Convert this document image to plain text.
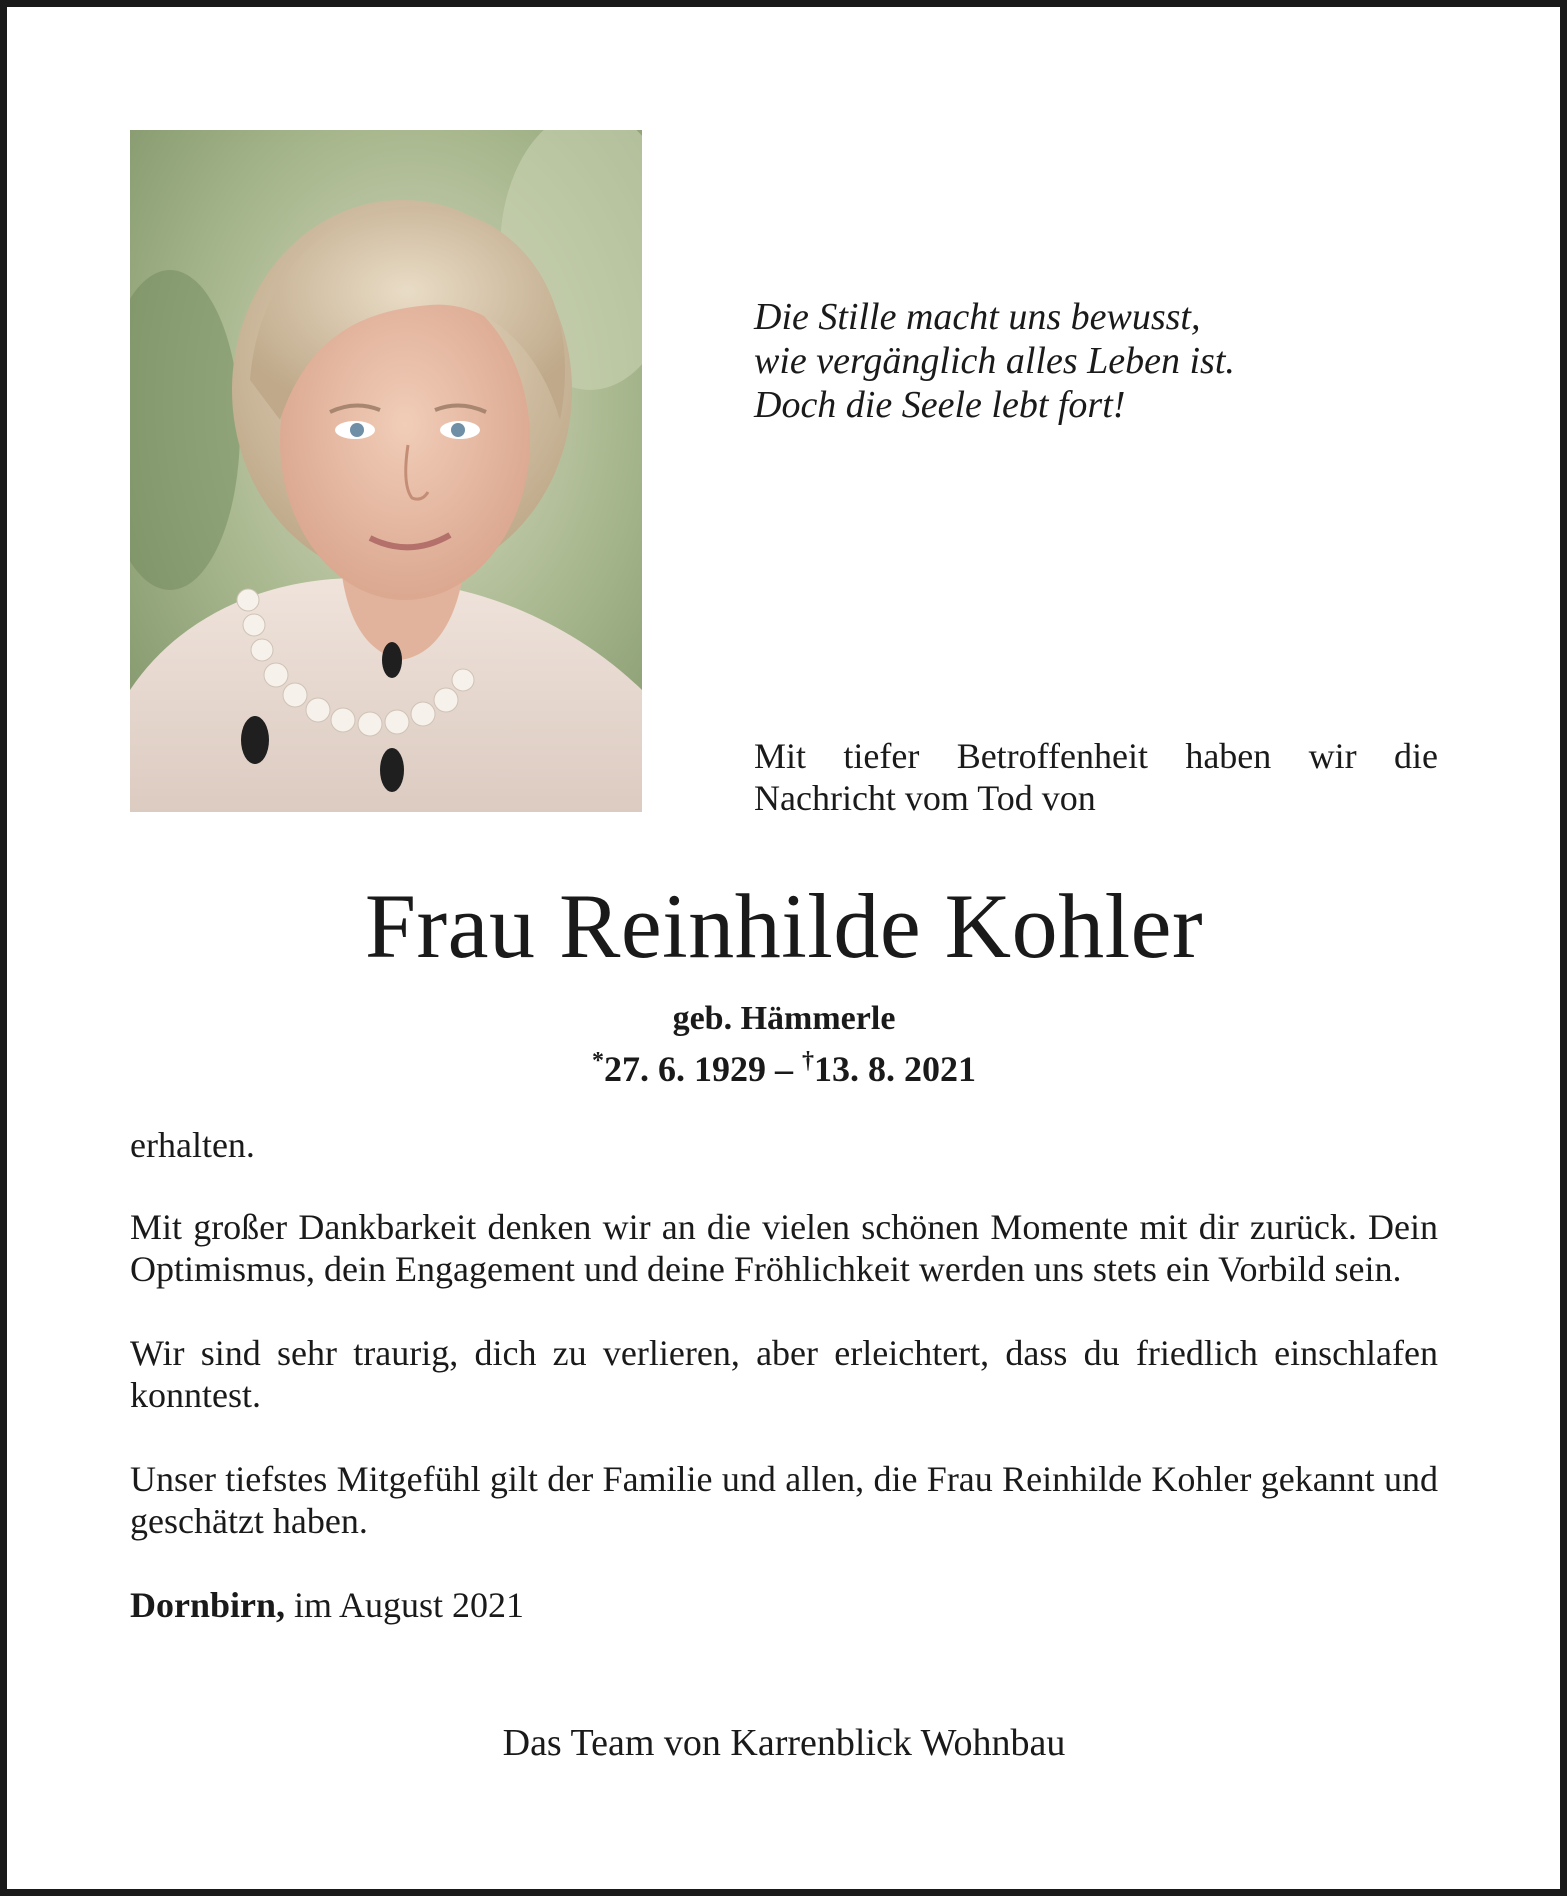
Die Stille macht uns bewusst,
wie vergänglich alles Leben ist.
Doch die Seele lebt fort!
Mit tiefer Betroffenheit haben wir die Nachricht vom Tod von
Frau Reinhilde Kohler
geb. Hämmerle
*27. 6. 1929 – †13. 8. 2021
erhalten.
Mit großer Dankbarkeit denken wir an die vielen schönen Momente mit dir zurück. Dein Optimismus, dein Engagement und deine Fröhlichkeit werden uns stets ein Vorbild sein.
Wir sind sehr traurig, dich zu verlieren, aber erleichtert, dass du friedlich einschlafen konntest.
Unser tiefstes Mitgefühl gilt der Familie und allen, die Frau Reinhilde Kohler gekannt und geschätzt haben.
Dornbirn, im August 2021
Das Team von Karrenblick Wohnbau
